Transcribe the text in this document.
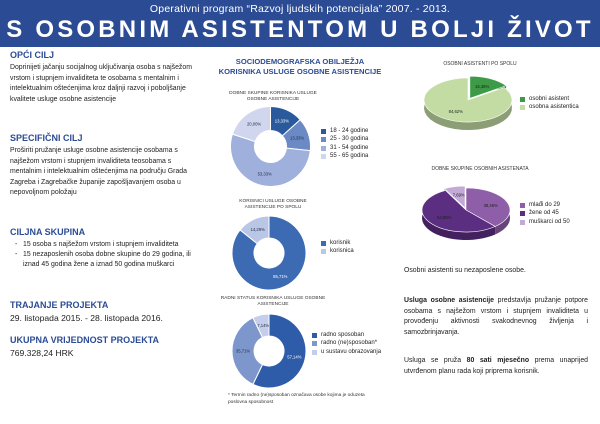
Operativni program “Razvoj ljudskih potencijala” 2007. - 2013.
S OSOBNIM ASISTENTOM U BOLJI ŽIVOT
OPĆI CILJ
Doprinijeti jačanju socijalnog uključivanja osoba s najšežom vrstom i stupnjem invaliditeta te osobama s mentalnim i intelektualnim oštećenjima kroz daljnji razvoj i poboljšanje kvalitete usluge osobne asistencije
SPECIFIČNI CILJ
Proširiti pružanje usluge osobne asistencije osobama s najšežom vrstom i stupnjem invaliditeta teosobama s mentalnim i intelektualnim oštećenjima na području Grada Zagreba i Zagrebačke županije zapošljavanjem osoba u nepovoljnom položaju
CILJNA SKUPINA
- 15 osoba s najšežom vrstom i stupnjem invaliditeta
- 15 nezaposlenih osoba dobne skupine do 29 godina, ili iznad 45 godina žene a iznad 50 godina muškarci
TRAJANJE PROJEKTA
29. listopada 2015. - 28. listopada 2016.
UKUPNA VRIJEDNOST PROJEKTA
769.328,24 HRK
SOCIODEMOGRAFSKA OBILJEŽJA
KORISNIKA USLUGE OSOBNE ASISTENCIJE
DOBNE SKUPINE KORISNIKA USLUGE OSOBNE ASISTENCIJE
13,33%
13,33%
53,33%
20,00%
18 - 24 godine
25 - 30 godina
31 - 54 godine
55 - 65 godina
KORISNICI USLUGE OSOBNE ASISTENCIJE PO SPOLU
85,71%
14,29%
korisnik
korisnica
RADNI STATUS KORISNIKA USLUGE OSOBNE ASISTENCIJE
57,14%
35,71%
7,14%
radno sposoban
radno (ne)sposoban*
u sustavu obrazovanja
* Termin radno (ne)sposoban označava osobe kojima je oduzeta poslovna sposobnost
OSOBNI ASISTENTI PO SPOLU
15,38%
84,62%
osobni asistent
osobna asistentica
DOBNE SKUPINE OSOBNIH ASISTENATA
38,46%
53,85%
7,69%
mlađi do 29
žene od 45
muškarci od 50
Osobni asistenti su nezaposlene osobe.
Usluga osobne asistencije predstavlja pružanje potpore osobama s najšežom vrstom i stupnjem invaliditeta u provođenju aktivnosti svakodnevnog življenja i samozbrinjavanja.
Usluga se pruža 80 sati mjesečno prema unaprijed utvrđenom planu rada koji priprema korisnik.
